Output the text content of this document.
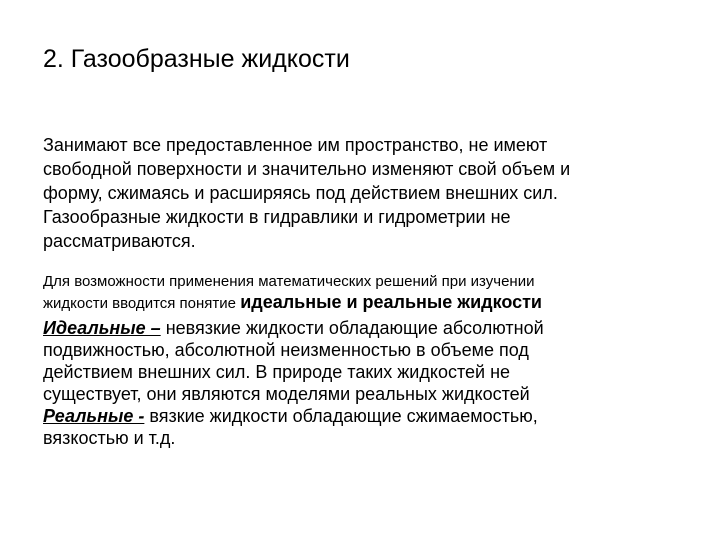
2. Газообразные жидкости
Занимают все предоставленное им пространство, не имеют
свободной поверхности и значительно изменяют свой объем и
форму, сжимаясь и расширяясь под действием внешних сил.
Газообразные жидкости в гидравлики и гидрометрии не
рассматриваются.
Для возможности применения математических решений при изучении
жидкости вводится понятие идеальные и реальные жидкости
Идеальные – невязкие жидкости обладающие абсолютной
подвижностью, абсолютной неизменностью в объеме под
действием внешних сил. В природе таких жидкостей не
существует, они являются моделями реальных жидкостей
Реальные - вязкие жидкости обладающие сжимаемостью,
вязкостью и т.д.
